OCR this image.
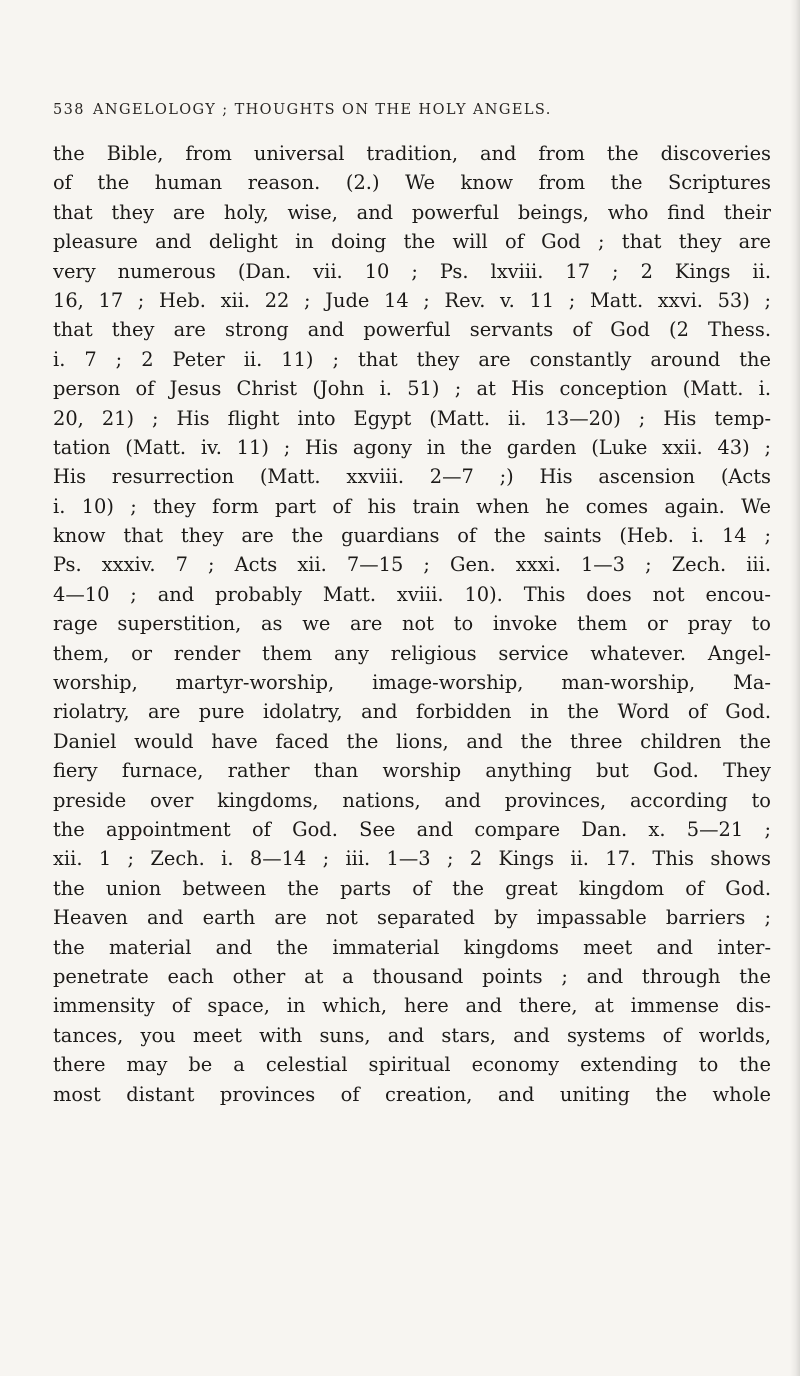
538 ANGELOLOGY ; THOUGHTS ON THE HOLY ANGELS.
the Bible, from universal tradition, and from the discoveries
of the human reason. (2.) We know from the Scriptures
that they are holy, wise, and powerful beings, who find their
pleasure and delight in doing the will of God ; that they are
very numerous (Dan. vii. 10 ; Ps. lxviii. 17 ; 2 Kings ii.
16, 17 ; Heb. xii. 22 ; Jude 14 ; Rev. v. 11 ; Matt. xxvi. 53) ;
that they are strong and powerful servants of God (2 Thess.
i. 7 ; 2 Peter ii. 11) ; that they are constantly around the
person of Jesus Christ (John i. 51) ; at His conception (Matt. i.
20, 21) ; His flight into Egypt (Matt. ii. 13—20) ; His temp-
tation (Matt. iv. 11) ; His agony in the garden (Luke xxii. 43) ;
His resurrection (Matt. xxviii. 2—7 ;) His ascension (Acts
i. 10) ; they form part of his train when he comes again. We
know that they are the guardians of the saints (Heb. i. 14 ;
Ps. xxxiv. 7 ; Acts xii. 7—15 ; Gen. xxxi. 1—3 ; Zech. iii.
4—10 ; and probably Matt. xviii. 10). This does not encou-
rage superstition, as we are not to invoke them or pray to
them, or render them any religious service whatever. Angel-
worship, martyr-worship, image-worship, man-worship, Ma-
riolatry, are pure idolatry, and forbidden in the Word of God.
Daniel would have faced the lions, and the three children the
fiery furnace, rather than worship anything but God. They
preside over kingdoms, nations, and provinces, according to
the appointment of God. See and compare Dan. x. 5—21 ;
xii. 1 ; Zech. i. 8—14 ; iii. 1—3 ; 2 Kings ii. 17. This shows
the union between the parts of the great kingdom of God.
Heaven and earth are not separated by impassable barriers ;
the material and the immaterial kingdoms meet and inter-
penetrate each other at a thousand points ; and through the
immensity of space, in which, here and there, at immense dis-
tances, you meet with suns, and stars, and systems of worlds,
there may be a celestial spiritual economy extending to the
most distant provinces of creation, and uniting the whole
